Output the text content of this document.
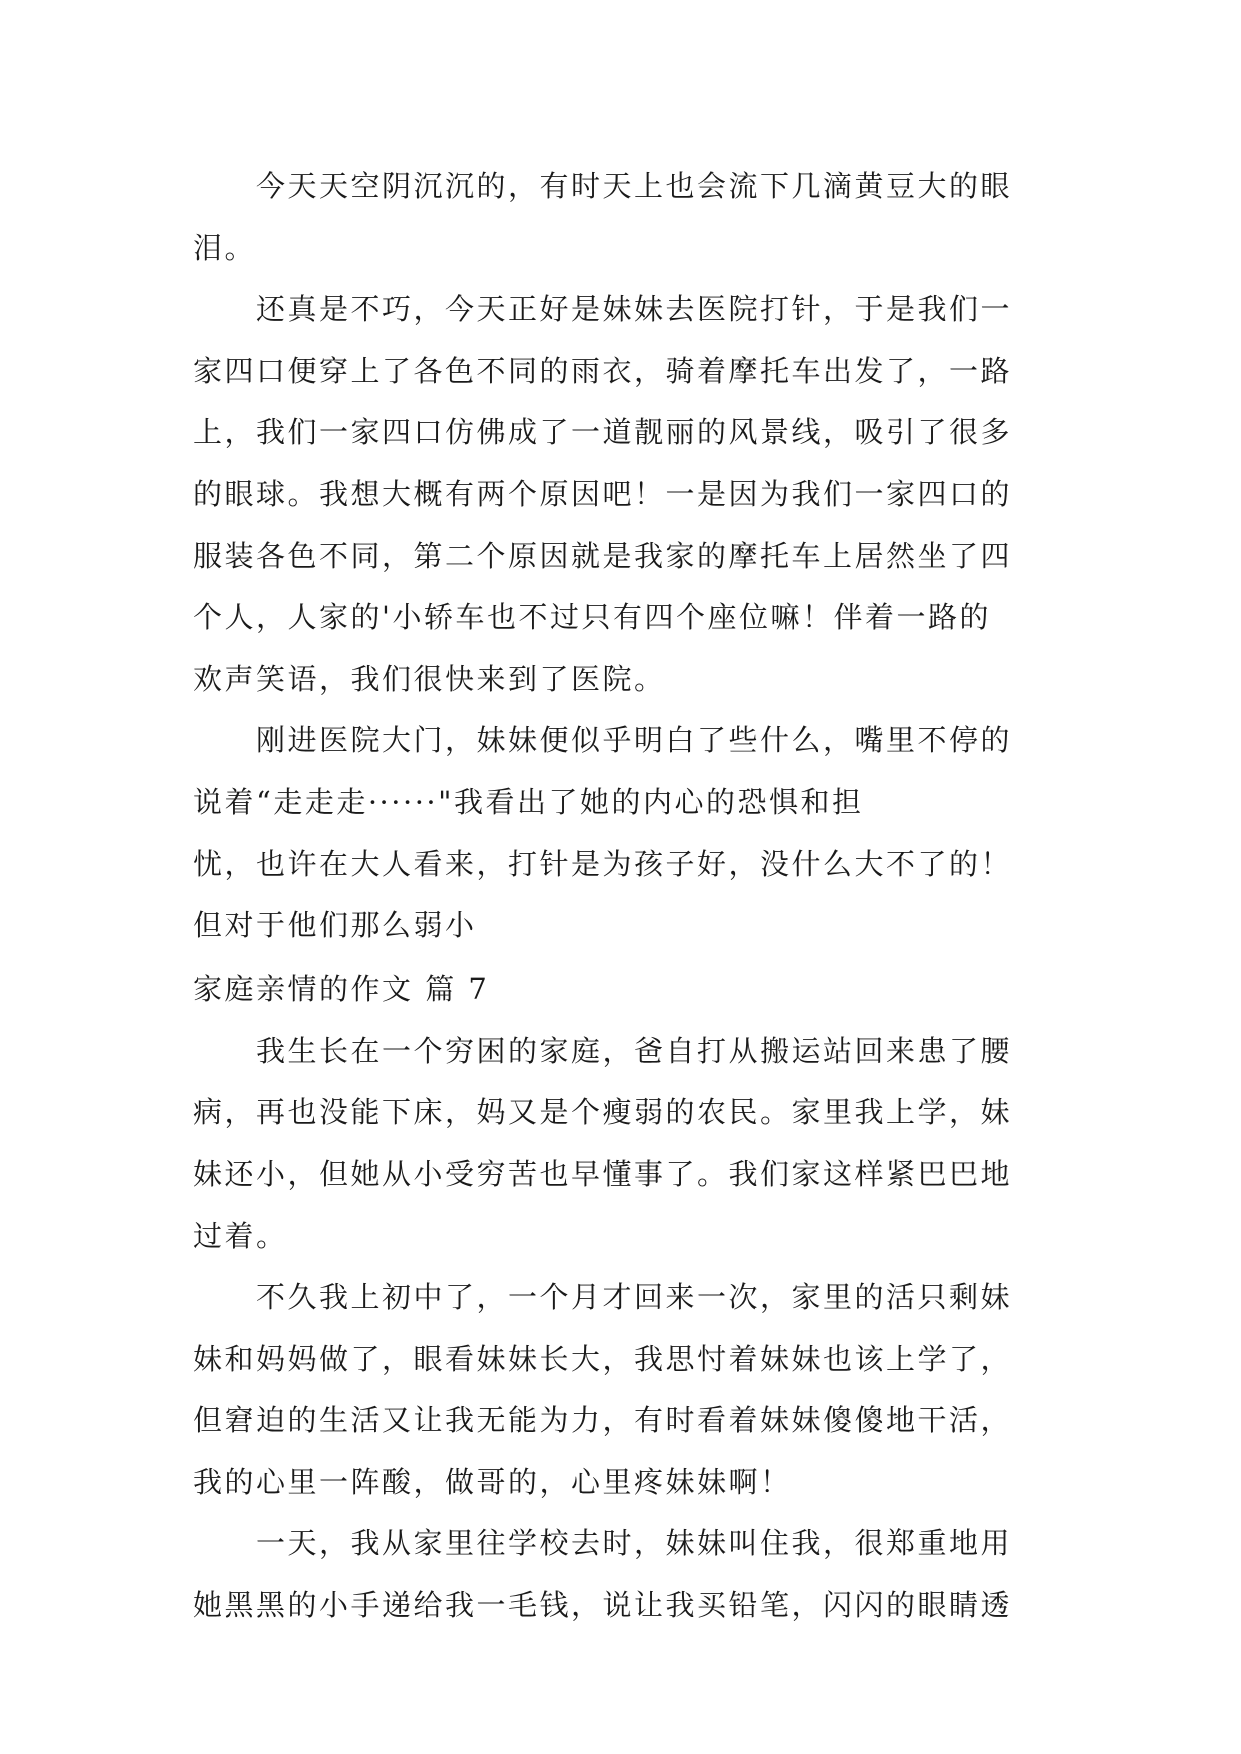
今天天空阴沉沉的，有时天上也会流下几滴黄豆大的眼
泪。
还真是不巧，今天正好是妹妹去医院打针，于是我们一
家四口便穿上了各色不同的雨衣，骑着摩托车出发了，一路
上，我们一家四口仿佛成了一道靓丽的风景线，吸引了很多
的眼球。我想大概有两个原因吧！一是因为我们一家四口的
服装各色不同，第二个原因就是我家的摩托车上居然坐了四
个人，人家的'小轿车也不过只有四个座位嘛！伴着一路的
欢声笑语，我们很快来到了医院。
刚进医院大门，妹妹便似乎明白了些什么，嘴里不停的
说着“走走走······"我看出了她的内心的恐惧和担
忧，也许在大人看来，打针是为孩子好，没什么大不了的！
但对于他们那么弱小
家庭亲情的作文 篇 7
我生长在一个穷困的家庭，爸自打从搬运站回来患了腰
病，再也没能下床，妈又是个瘦弱的农民。家里我上学，妹
妹还小，但她从小受穷苦也早懂事了。我们家这样紧巴巴地
过着。
不久我上初中了，一个月才回来一次，家里的活只剩妹
妹和妈妈做了，眼看妹妹长大，我思忖着妹妹也该上学了，
但窘迫的生活又让我无能为力，有时看着妹妹傻傻地干活，
我的心里一阵酸，做哥的，心里疼妹妹啊！
一天，我从家里往学校去时，妹妹叫住我，很郑重地用
她黑黑的小手递给我一毛钱，说让我买铅笔，闪闪的眼睛透
